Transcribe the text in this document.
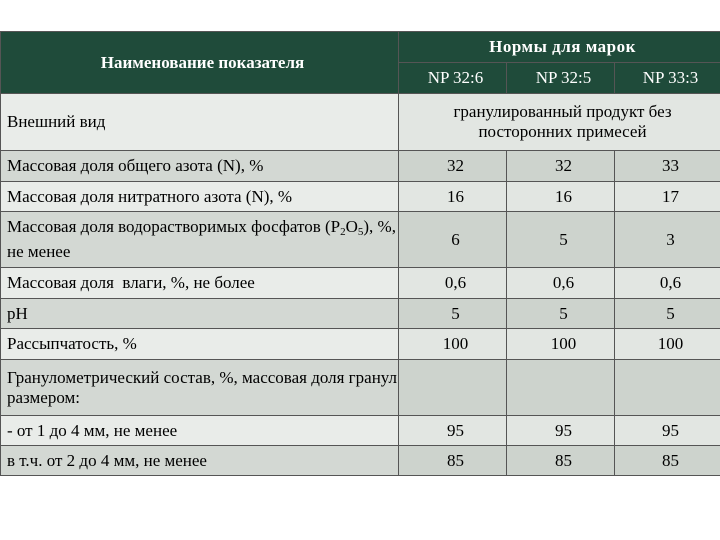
Наименование показателя	Нормы для марок		
	NP 32:6	NP 32:5	NP 33:3
Внешний вид	гранулированный продукт без посторонних примесей		
Массовая доля общего азота (N), %	32	32	33
Массовая доля нитратного азота (N), %	16	16	17
Массовая доля водорастворимых фосфатов $(P_2O_5)$, %, не менее	6	5	3
Массовая доля  влаги, %, не более	0,6	0,6	0,6
pH	5	5	5
Рассыпчатость, %	100	100	100
Гранулометрический состав, %, массовая доля гранул размером:			
- от 1 до 4 мм, не менее	95	95	95
в т.ч. от 2 до 4 мм, не менее	85	85	85
